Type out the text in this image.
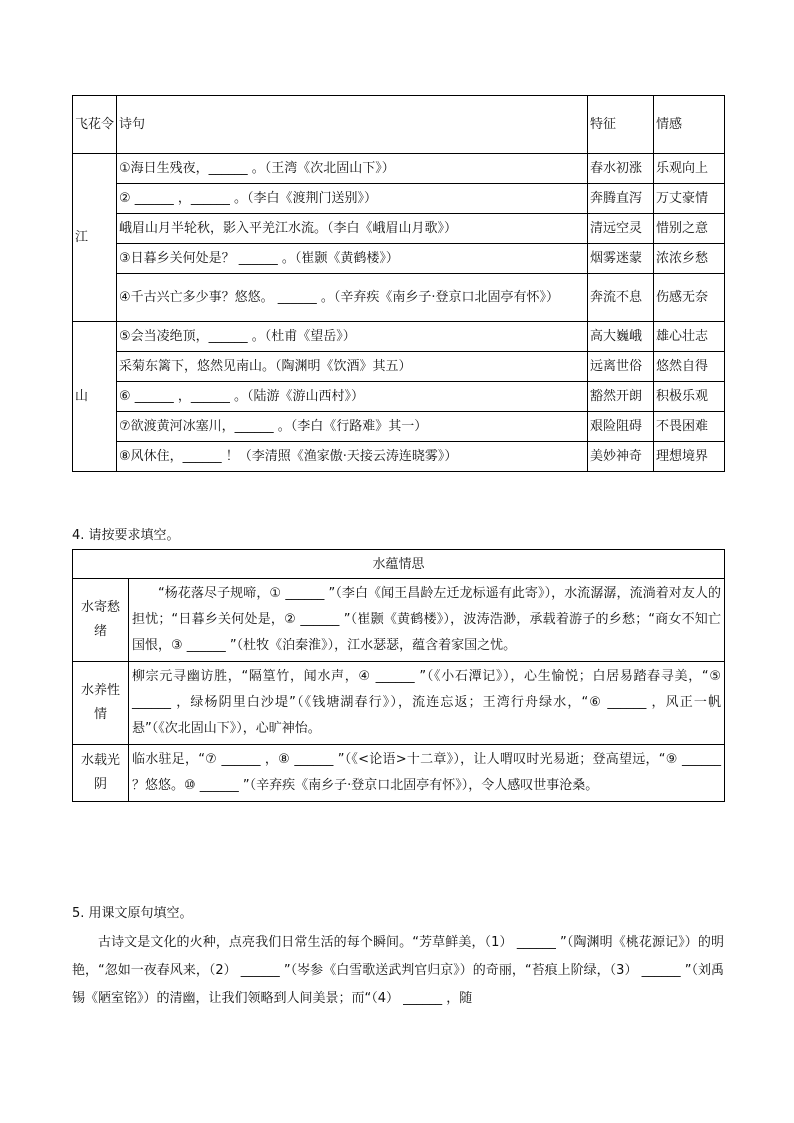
飞花令	诗句	特征	情感
江	①海日生残夜，______ 。（王湾《次北固山下》）	春水初涨	乐观向上
	② ______ ，______ 。（李白《渡荆门送别》）	奔腾直泻	万丈豪情
	峨眉山月半轮秋，影入平羌江水流。（李白《峨眉山月歌》）	清远空灵	惜别之意
	③日暮乡关何处是？ ______ 。（崔颢《黄鹤楼》）	烟雾迷蒙	浓浓乡愁
	④千古兴亡多少事？悠悠。 ______ 。（辛弃疾《南乡子·登京口北固亭有怀》）	奔流不息	伤感无奈
山	⑤会当凌绝顶，______ 。（杜甫《望岳》）	高大巍峨	雄心壮志
	采菊东篱下，悠然见南山。（陶渊明《饮酒》其五）	远离世俗	悠然自得
	⑥ ______ ，______ 。（陆游《游山西村》）	豁然开朗	积极乐观
	⑦欲渡黄河冰塞川，______ 。（李白《行路难》其一）	艰险阻碍	不畏困难
	⑧风休住，______ ！（李清照《渔家傲·天接云涛连晓雾》）	美妙神奇	理想境界
4. 请按要求填空。
水蕴情思	
水寄愁绪	“杨花落尽子规啼，① ______ ”（李白《闻王昌龄左迁龙标遥有此寄》），水流潺潺，流淌着对友人的担忧；“日暮乡关何处是，② ______ ”（崔颢《黄鹤楼》），波涛浩渺，承载着游子的乡愁；“商女不知亡国恨，③ ______ ”（杜牧《泊秦淮》），江水瑟瑟，蕴含着家国之忧。
水养性情	柳宗元寻幽访胜，“隔篁竹，闻水声，④ ______ ”（《小石潭记》），心生愉悦；白居易踏春寻美，“⑤ ______ ，绿杨阴里白沙堤”（《钱塘湖春行》），流连忘返；王湾行舟绿水，“⑥ ______ ，风正一帆悬”（《次北固山下》），心旷神怡。
水载光阴	临水驻足，“⑦ ______ ，⑧ ______ ”（《<论语>十二章》），让人喟叹时光易逝；登高望远，“⑨ ______ ？悠悠。⑩ ______ ”（辛弃疾《南乡子·登京口北固亭有怀》），令人感叹世事沧桑。
5. 用课文原句填空。
古诗文是文化的火种，点亮我们日常生活的每个瞬间。“芳草鲜美，（1） ______ ”（陶渊明《桃花源记》）的明艳，“忽如一夜春风来，（2） ______ ”（岑参《白雪歌送武判官归京》）的奇丽，“苔痕上阶绿，（3） ______ ”（刘禹锡《陋室铭》）的清幽，让我们领略到人间美景；而“（4） ______ ，随
